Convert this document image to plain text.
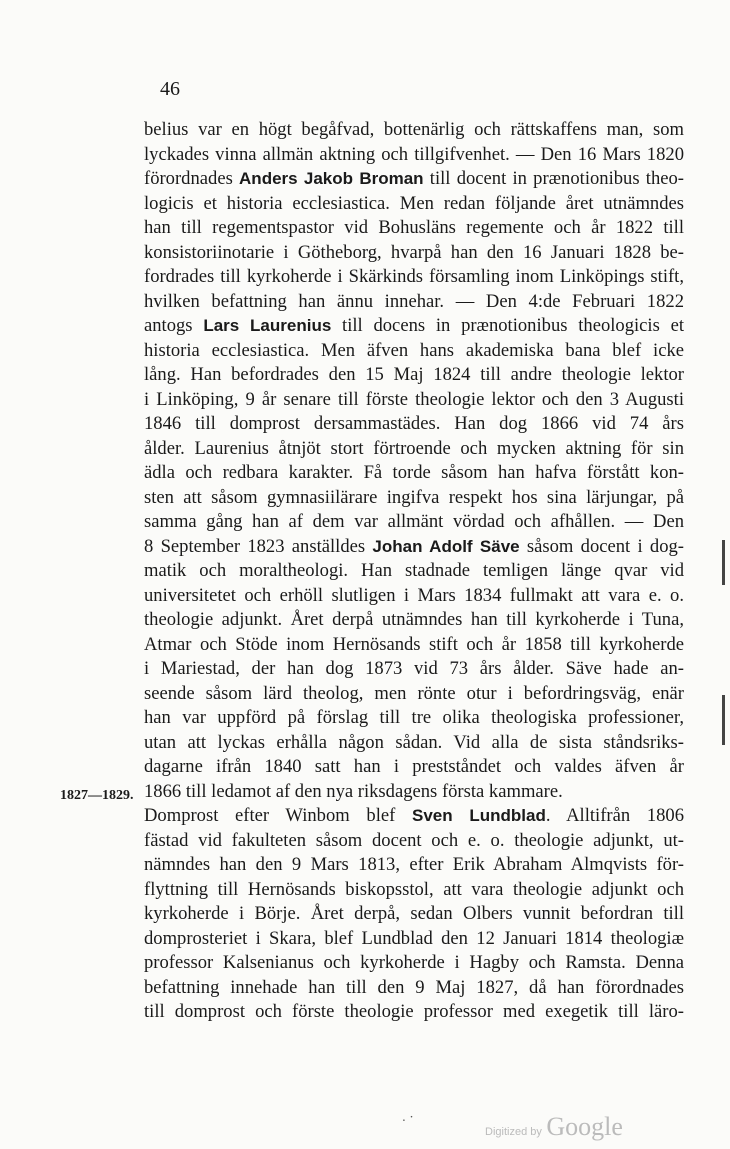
46
1827—1829.
belius var en högt begåfvad, bottenärlig och rättskaffens man, som
lyckades vinna allmän aktning och tillgifvenhet. — Den 16 Mars 1820
förordnades Anders Jakob Broman till docent in prænotionibus theo-
logicis et historia ecclesiastica. Men redan följande året utnämndes
han till regementspastor vid Bohusläns regemente och år 1822 till
konsistoriinotarie i Götheborg, hvarpå han den 16 Januari 1828 be-
fordrades till kyrkoherde i Skärkinds församling inom Linköpings stift,
hvilken befattning han ännu innehar. — Den 4:de Februari 1822
antogs Lars Laurenius till docens in prænotionibus theologicis et
historia ecclesiastica. Men äfven hans akademiska bana blef icke
lång. Han befordrades den 15 Maj 1824 till andre theologie lektor
i Linköping, 9 år senare till förste theologie lektor och den 3 Augusti
1846 till domprost dersammastädes. Han dog 1866 vid 74 års
ålder. Laurenius åtnjöt stort förtroende och mycken aktning för sin
ädla och redbara karakter. Få torde såsom han hafva förstått kon-
sten att såsom gymnasiilärare ingifva respekt hos sina lärjungar, på
samma gång han af dem var allmänt vördad och afhållen. — Den
8 September 1823 anställdes Johan Adolf Säve såsom docent i dog-
matik och moraltheologi. Han stadnade temligen länge qvar vid
universitetet och erhöll slutligen i Mars 1834 fullmakt att vara e. o.
theologie adjunkt. Året derpå utnämndes han till kyrkoherde i Tuna,
Atmar och Stöde inom Hernösands stift och år 1858 till kyrkoherde
i Mariestad, der han dog 1873 vid 73 års ålder. Säve hade an-
seende såsom lärd theolog, men rönte otur i befordringsväg, enär
han var uppförd på förslag till tre olika theologiska professioner,
utan att lyckas erhålla någon sådan. Vid alla de sista ståndsriks-
dagarne ifrån 1840 satt han i prestståndet och valdes äfven år
1866 till ledamot af den nya riksdagens första kammare.
Domprost efter Winbom blef Sven Lundblad. Alltifrån 1806
fästad vid fakulteten såsom docent och e. o. theologie adjunkt, ut-
nämndes han den 9 Mars 1813, efter Erik Abraham Almqvists för-
flyttning till Hernösands biskopsstol, att vara theologie adjunkt och
kyrkoherde i Börje. Året derpå, sedan Olbers vunnit befordran till
domprosteriet i Skara, blef Lundblad den 12 Januari 1814 theologiæ
professor Kalsenianus och kyrkoherde i Hagby och Ramsta. Denna
befattning innehade han till den 9 Maj 1827, då han förordnades
till domprost och förste theologie professor med exegetik till läro-
. ·
Digitized by Google
